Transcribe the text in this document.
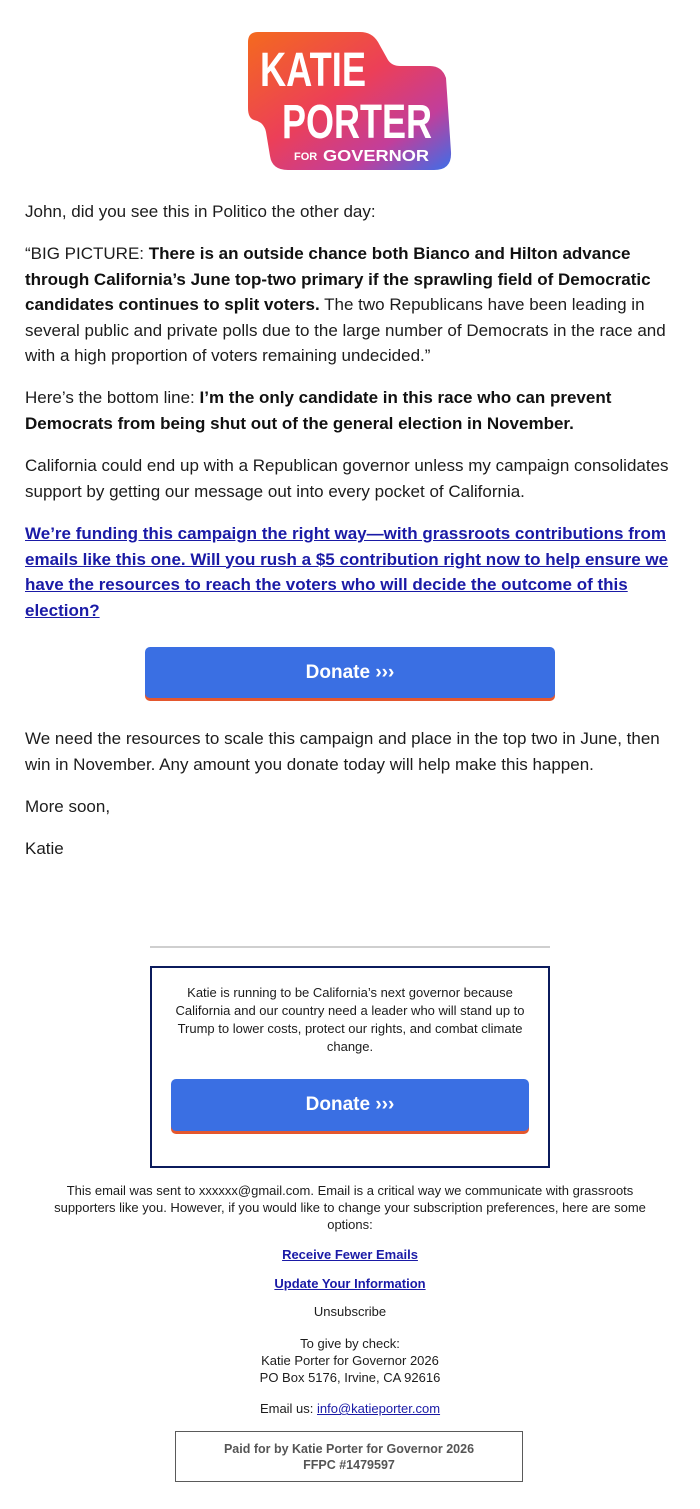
KATIE
PORTER
FOR GOVERNOR

John, did you see this in Politico the other day:

“BIG PICTURE: There is an outside chance both Bianco and Hilton advance through California’s June top-two primary if the sprawling field of Democratic candidates continues to split voters. The two Republicans have been leading in several public and private polls due to the large number of Democrats in the race and with a high proportion of voters remaining undecided.”

Here’s the bottom line: I’m the only candidate in this race who can prevent Democrats from being shut out of the general election in November.

California could end up with a Republican governor unless my campaign consolidates support by getting our message out into every pocket of California.

We’re funding this campaign the right way—with grassroots contributions from emails like this one. Will you rush a $5 contribution right now to help ensure we have the resources to reach the voters who will decide the outcome of this election?

Donate ›››

We need the resources to scale this campaign and place in the top two in June, then win in November. Any amount you donate today will help make this happen.

More soon,

Katie

Katie is running to be California’s next governor because California and our country need a leader who will stand up to Trump to lower costs, protect our rights, and combat climate change.
Donate ›››
This email was sent to xxxxxx@gmail.com. Email is a critical way we communicate with grassroots supporters like you. However, if you would like to change your subscription preferences, here are some options:
Receive Fewer Emails
Update Your Information
Unsubscribe
To give by check:
Katie Porter for Governor 2026
PO Box 5176, Irvine, CA 92616
Email us: info@katieporter.com
Paid for by Katie Porter for Governor 2026
FFPC #1479597
